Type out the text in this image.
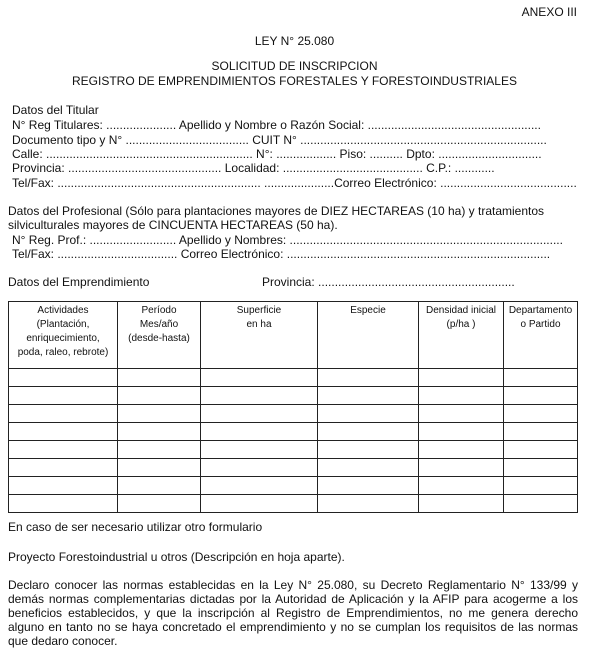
ANEXO III
LEY N° 25.080
SOLICITUD DE INSCRIPCION
REGISTRO DE EMPRENDIMIENTOS FORESTALES Y FORESTOINDUSTRIALES
Datos del Titular
N° Reg Titulares: ..................... Apellido y Nombre o Razón Social: ....................................................
Documento tipo y N° ..................................... CUIT N° ..........................................................................
Calle: .............................................................. N°: .................. Piso: .......... Dpto: ...............................
Provincia: .............................................. Localidad: .......................................... C.P.: ............
Tel/Fax: ............................................................. .....................Correo Electrónico: .........................................
Datos del Profesional (Sólo para plantaciones mayores de DIEZ HECTAREAS (10 ha) y tratamientos
silviculturales mayores de CINCUENTA HECTAREAS (50 ha).
N° Reg. Prof.: .......................... Apellido y Nombres: ..................................................................................
Tel/Fax: .................................... Correo Electrónico: ...............................................................................
Datos del Emprendimiento	Provincia: ...........................................................
Actividades
(Plantación,
enriquecimiento,
poda, raleo, rebrote)	Período
Mes/año
(desde-hasta)	Superficie
en ha	Especie	Densidad inicial
(p/ha )	Departamento
o Partido

En caso de ser necesario utilizar otro formulario
Proyecto Forestoindustrial u otros (Descripción en hoja aparte).
Declaro conocer las normas establecidas en la Ley N° 25.080, su Decreto Reglamentario N° 133/99 y demás normas complementarias dictadas por la Autoridad de Aplicación y la AFIP para acogerme a los beneficios establecidos, y que la inscripción al Registro de Emprendimientos, no me genera derecho alguno en tanto no se haya concretado el emprendimiento y no se cumplan los requisitos de las normas que dedaro conocer.
